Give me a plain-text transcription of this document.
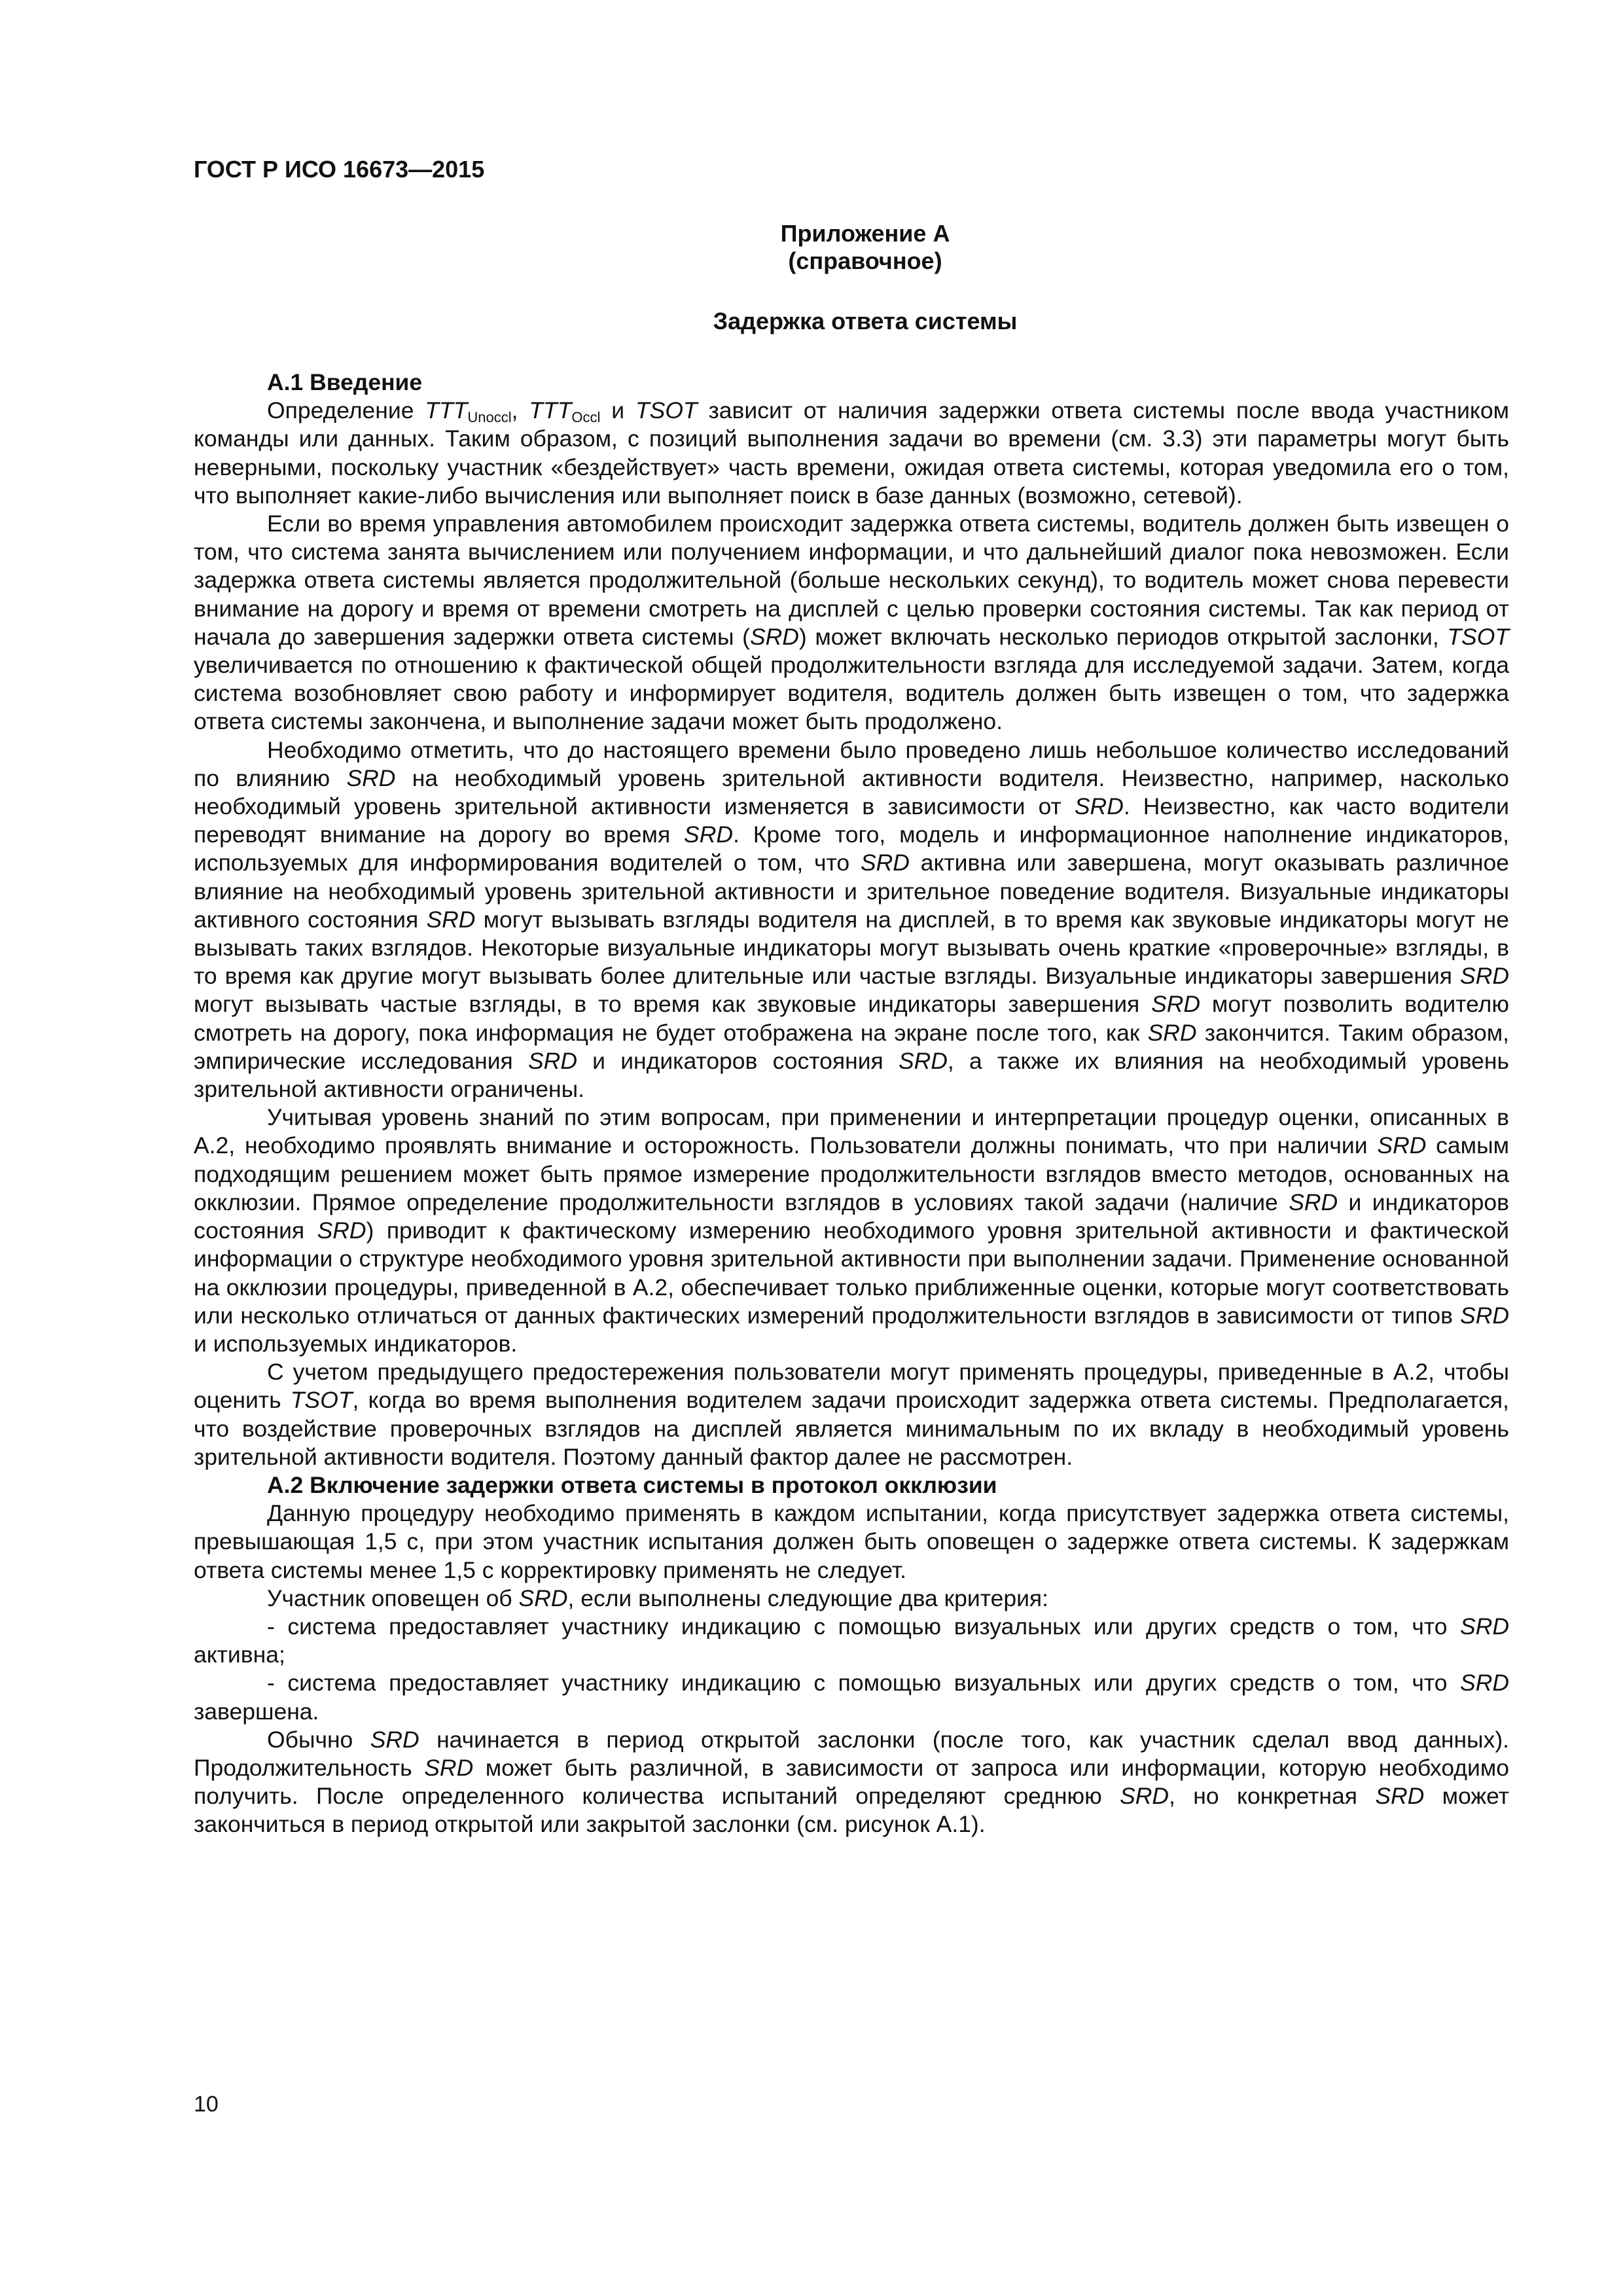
ГОСТ Р ИСО 16673—2015
Приложение А
(справочное)
Задержка ответа системы
А.1 Введение

Определение $TTT_{Unoccl}$, $TTT_{Occl}$ и TSOT зависит от наличия задержки ответа системы после ввода участником команды или данных. Таким образом, с позиций выполнения задачи во времени (см. 3.3) эти параметры могут быть неверными, поскольку участник «бездействует» часть времени, ожидая ответа системы, которая уведомила его о том, что выполняет какие-либо вычисления или выполняет поиск в базе данных (возможно, сетевой).

Если во время управления автомобилем происходит задержка ответа системы, водитель должен быть извещен о том, что система занята вычислением или получением информации, и что дальнейший диалог пока невозможен. Если задержка ответа системы является продолжительной (больше нескольких секунд), то водитель может снова перевести внимание на дорогу и время от времени смотреть на дисплей с целью проверки состояния системы. Так как период от начала до завершения задержки ответа системы (SRD) может включать несколько периодов открытой заслонки, TSOT увеличивается по отношению к фактической общей продолжительности взгляда для исследуемой задачи. Затем, когда система возобновляет свою работу и информирует водителя, водитель должен быть извещен о том, что задержка ответа системы закончена, и выполнение задачи может быть продолжено.

Необходимо отметить, что до настоящего времени было проведено лишь небольшое количество исследований по влиянию SRD на необходимый уровень зрительной активности водителя. Неизвестно, например, насколько необходимый уровень зрительной активности изменяется в зависимости от SRD. Неизвестно, как часто водители переводят внимание на дорогу во время SRD. Кроме того, модель и информационное наполнение индикаторов, используемых для информирования водителей о том, что SRD активна или завершена, могут оказывать различное влияние на необходимый уровень зрительной активности и зрительное поведение водителя. Визуальные индикаторы активного состояния SRD могут вызывать взгляды водителя на дисплей, в то время как звуковые индикаторы могут не вызывать таких взглядов. Некоторые визуальные индикаторы могут вызывать очень краткие «проверочные» взгляды, в то время как другие могут вызывать более длительные или частые взгляды. Визуальные индикаторы завершения SRD могут вызывать частые взгляды, в то время как звуковые индикаторы завершения SRD могут позволить водителю смотреть на дорогу, пока информация не будет отображена на экране после того, как SRD закончится. Таким образом, эмпирические исследования SRD и индикаторов состояния SRD, а также их влияния на необходимый уровень зрительной активности ограничены.

Учитывая уровень знаний по этим вопросам, при применении и интерпретации процедур оценки, описанных в А.2, необходимо проявлять внимание и осторожность. Пользователи должны понимать, что при наличии SRD самым подходящим решением может быть прямое измерение продолжительности взглядов вместо методов, основанных на окклюзии. Прямое определение продолжительности взглядов в условиях такой задачи (наличие SRD и индикаторов состояния SRD) приводит к фактическому измерению необходимого уровня зрительной активности и фактической информации о структуре необходимого уровня зрительной активности при выполнении задачи. Применение основанной на окклюзии процедуры, приведенной в А.2, обеспечивает только приближенные оценки, которые могут соответствовать или несколько отличаться от данных фактических измерений продолжительности взглядов в зависимости от типов SRD и используемых индикаторов.

С учетом предыдущего предостережения пользователи могут применять процедуры, приведенные в А.2, чтобы оценить TSOT, когда во время выполнения водителем задачи происходит задержка ответа системы. Предполагается, что воздействие проверочных взглядов на дисплей является минимальным по их вкладу в необходимый уровень зрительной активности водителя. Поэтому данный фактор далее не рассмотрен.

А.2 Включение задержки ответа системы в протокол окклюзии

Данную процедуру необходимо применять в каждом испытании, когда присутствует задержка ответа системы, превышающая 1,5 с, при этом участник испытания должен быть оповещен о задержке ответа системы. К задержкам ответа системы менее 1,5 с корректировку применять не следует.

Участник оповещен об SRD, если выполнены следующие два критерия:

- система предоставляет участнику индикацию с помощью визуальных или других средств о том, что SRD активна;

- система предоставляет участнику индикацию с помощью визуальных или других средств о том, что SRD завершена.

Обычно SRD начинается в период открытой заслонки (после того, как участник сделал ввод данных). Продолжительность SRD может быть различной, в зависимости от запроса или информации, которую необходимо получить. После определенного количества испытаний определяют среднюю SRD, но конкретная SRD может закончиться в период открытой или закрытой заслонки (см. рисунок А.1).

10
